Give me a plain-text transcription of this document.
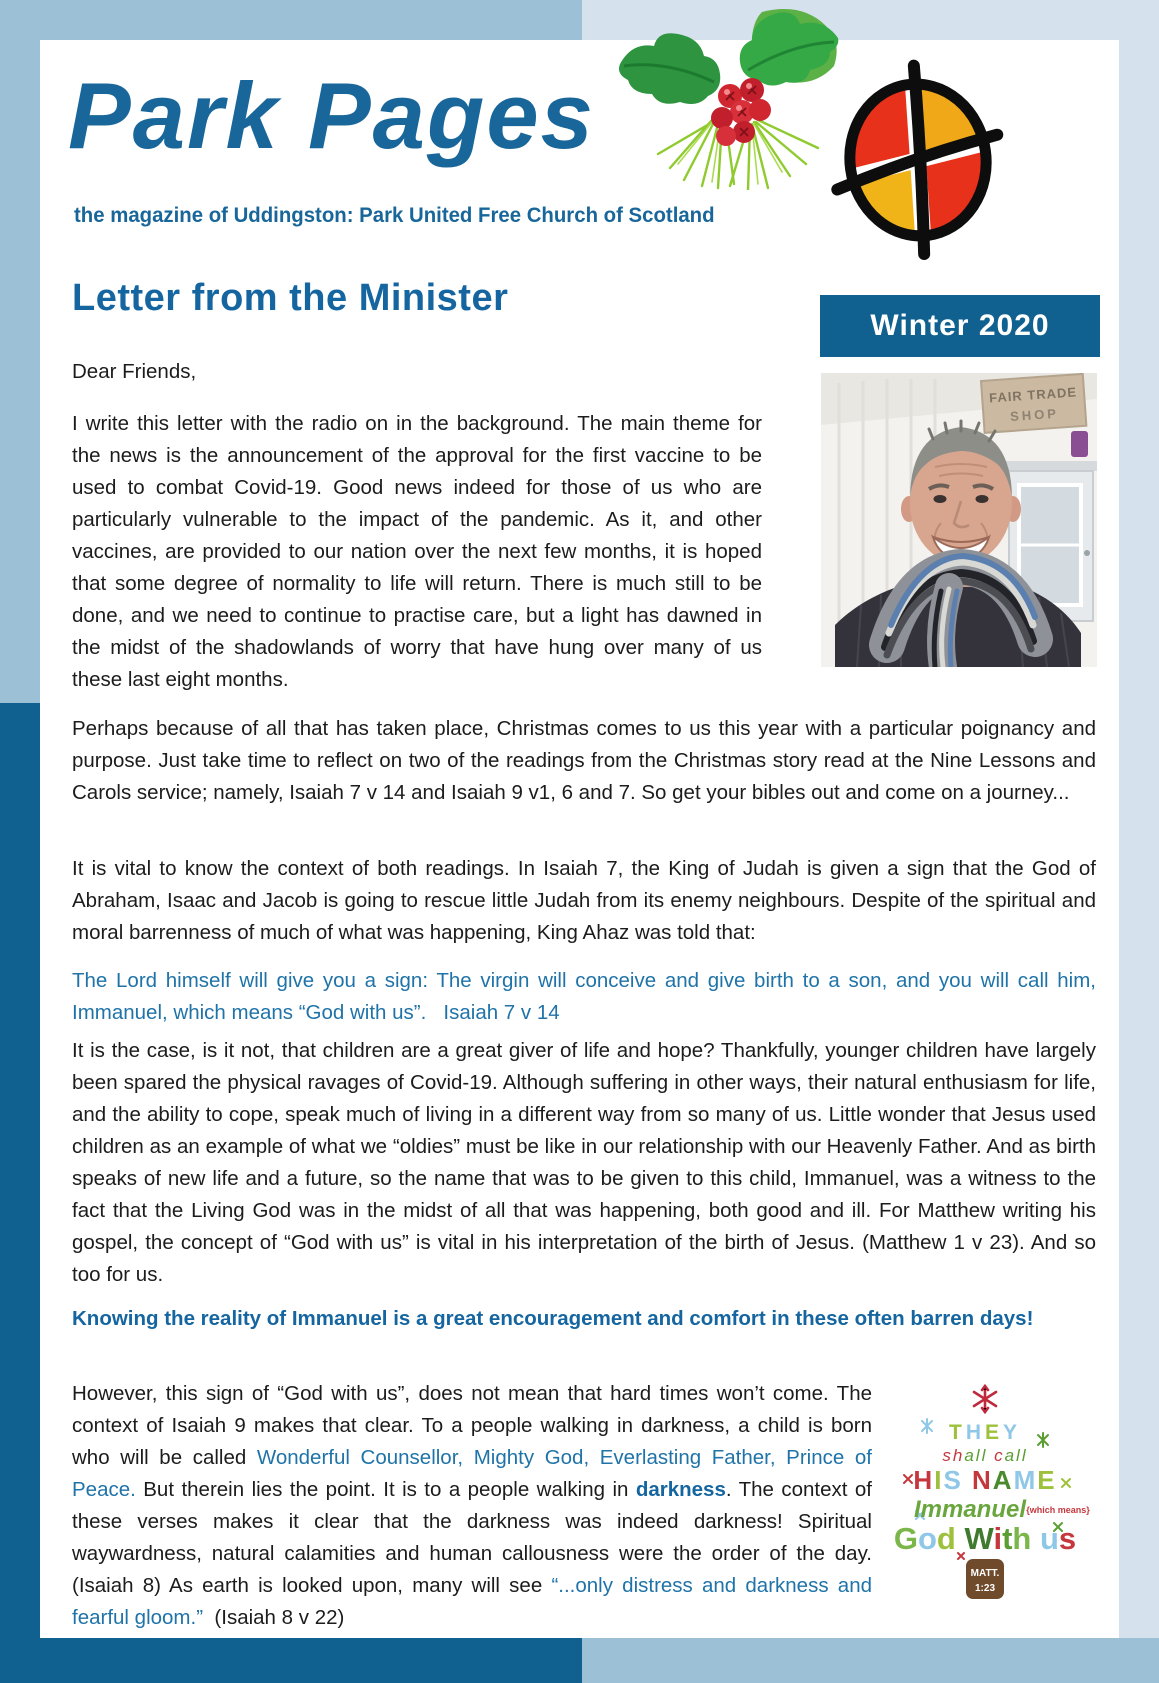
Park Pages
the magazine of Uddingston: Park United Free Church of Scotland
Letter from the Minister
Winter 2020
FAIR TRADE
SHOP
Dear Friends,

I write this letter with the radio on in the background. The main theme for the news is the announcement of the approval for the first vaccine to be used to combat Covid-19. Good news indeed for those of us who are particularly vulnerable to the impact of the pandemic. As it, and other vaccines, are provided to our nation over the next few months, it is hoped that some degree of normality to life will return. There is much still to be done, and we need to continue to practise care, but a light has dawned in the midst of the shadowlands of worry that have hung over many of us these last eight months.

Perhaps because of all that has taken place, Christmas comes to us this year with a particular poignancy and purpose. Just take time to reflect on two of the readings from the Christmas story read at the Nine Lessons and Carols service; namely, Isaiah 7 v 14 and Isaiah 9 v1, 6 and 7. So get your bibles out and come on a journey...

It is vital to know the context of both readings. In Isaiah 7, the King of Judah is given a sign that the God of Abraham, Isaac and Jacob is going to rescue little Judah from its enemy neighbours. Despite of the spiritual and moral barrenness of much of what was happening, King Ahaz was told that:

The Lord himself will give you a sign: The virgin will conceive and give birth to a son, and you will call him, Immanuel, which means “God with us”.   Isaiah 7 v 14

It is the case, is it not, that children are a great giver of life and hope? Thankfully, younger children have largely been spared the physical ravages of Covid-19. Although suffering in other ways, their natural enthusiasm for life, and the ability to cope, speak much of living in a different way from so many of us. Little wonder that Jesus used children as an example of what we “oldies” must be like in our relationship with our Heavenly Father. And as birth speaks of new life and a future, so the name that was to be given to this child, Immanuel, was a witness to the fact that the Living God was in the midst of all that was happening, both good and ill. For Matthew writing his gospel, the concept of “God with us” is vital in his interpretation of the birth of Jesus. (Matthew 1 v 23). And so too for us.

Knowing the reality of Immanuel is a great encouragement and comfort in these often barren days!

However, this sign of “God with us”, does not mean that hard times won’t come. The context of Isaiah 9 makes that clear. To a people walking in darkness, a child is born who will be called Wonderful Counsellor, Mighty God, Everlasting Father, Prince of Peace. But therein lies the point. It is to a people walking in darkness. The context of these verses makes it clear that the darkness was indeed darkness! Spiritual waywardness, natural calamities and human callousness were the order of the day. (Isaiah 8) As earth is looked upon, many will see “...only distress and darkness and fearful gloom.”  (Isaiah 8 v 22)

THEY
shall call
HIS NAME
Immanuel {which means}
God With us
MATT.
1:23
